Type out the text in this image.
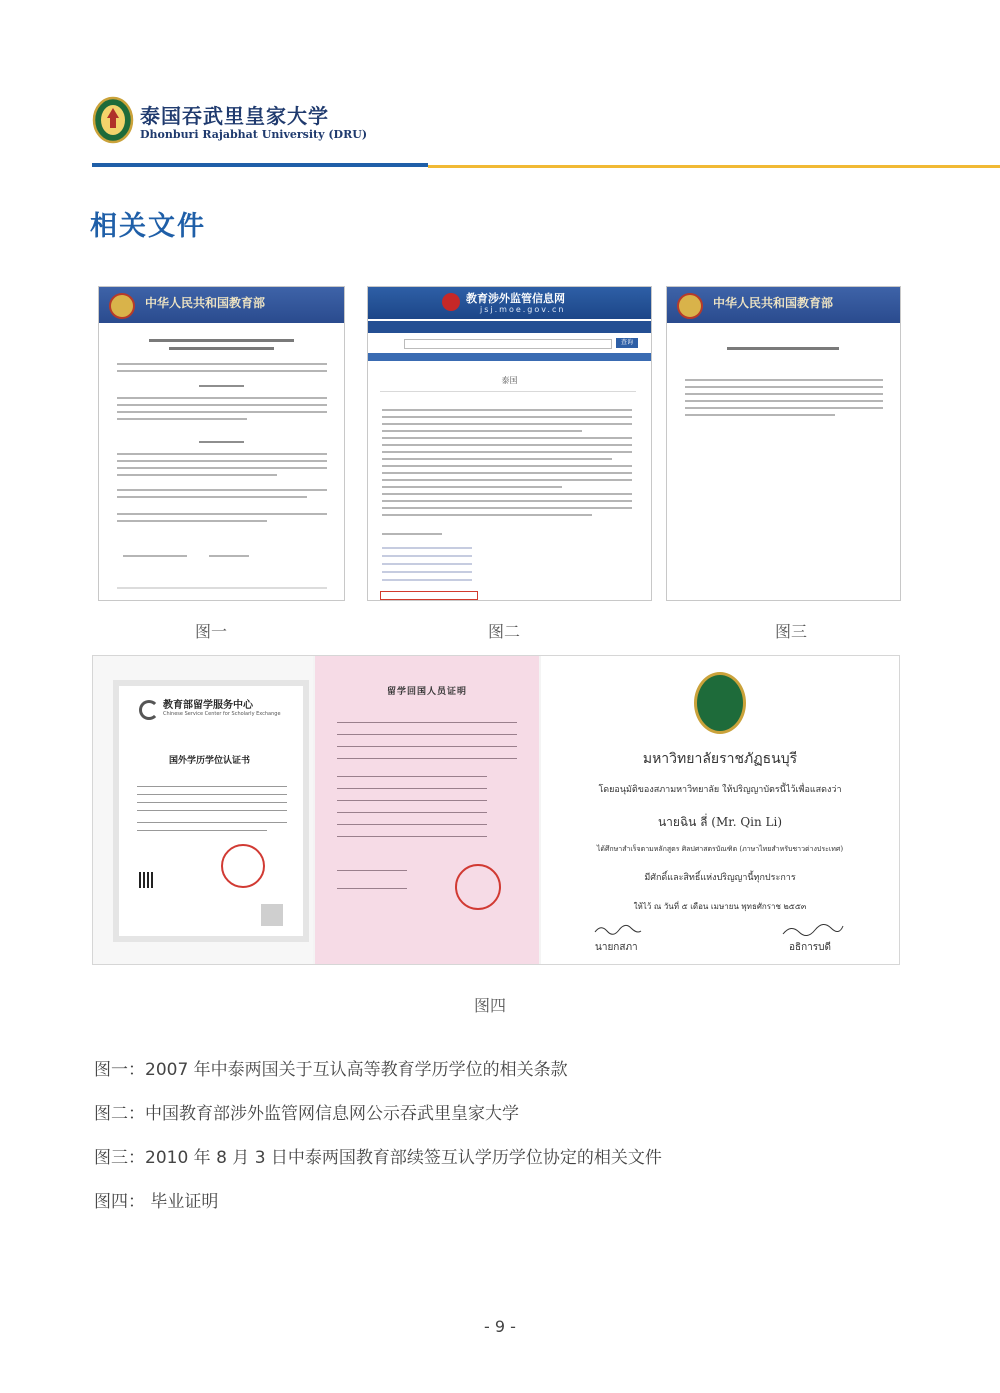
泰国吞武里皇家大学
Dhonburi Rajabhat University (DRU)
相关文件
中华人民共和国教育部
图一
教育涉外监管信息网
jsj.moe.gov.cn
查询
泰国
图二
中华人民共和国教育部
图三
教育部留学服务中心
Chinese Service Center for Scholarly Exchange
国外学历学位认证书
留学回国人员证明
มหาวิทยาลัยราชภัฏธนบุรี
โดยอนุมัติของสภามหาวิทยาลัย ให้ปริญญาบัตรนี้ไว้เพื่อแสดงว่า
นายฉิน ลี่ (Mr. Qin Li)
ได้ศึกษาสำเร็จตามหลักสูตร ศิลปศาสตรบัณฑิต (ภาษาไทยสำหรับชาวต่างประเทศ)
มีศักดิ์และสิทธิ์แห่งปริญญานี้ทุกประการ
ให้ไว้ ณ วันที่ ๕ เดือน เมษายน พุทธศักราช ๒๕๕๓
นายกสภา	อธิการบดี
图四
图一：2007 年中泰两国关于互认高等教育学历学位的相关条款
图二：中国教育部涉外监管网信息网公示吞武里皇家大学
图三：2010 年 8 月 3 日中泰两国教育部续签互认学历学位协定的相关文件
图四： 毕业证明
- 9 -
